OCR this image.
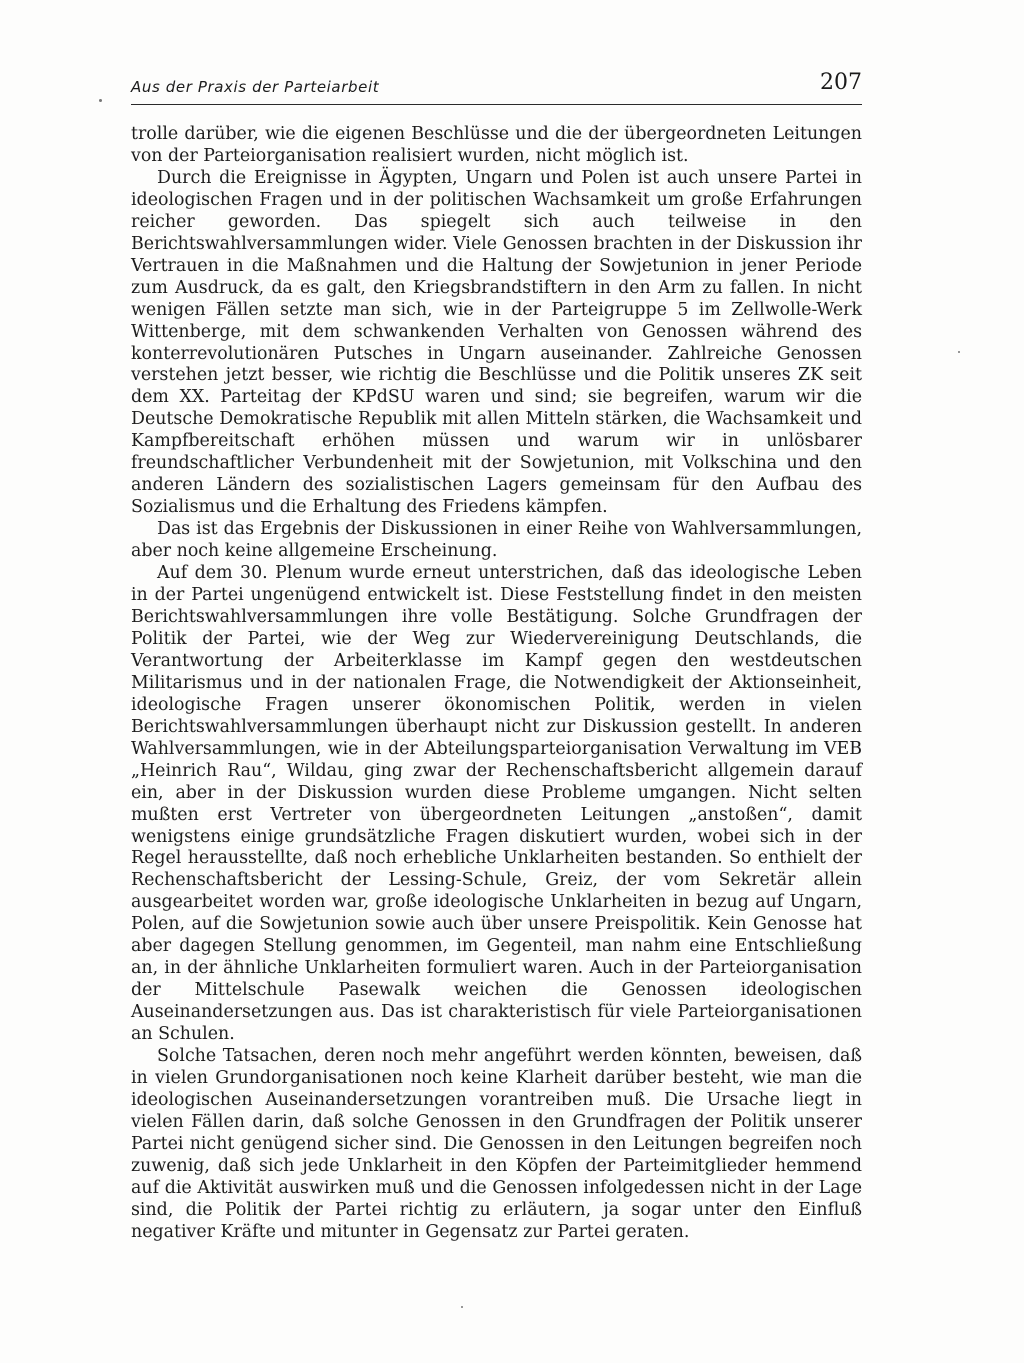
Aus der Praxis der Parteiarbeit	207

trolle darüber, wie die eigenen Beschlüsse und die der übergeordneten Leitungen von der Parteiorganisation realisiert wurden, nicht möglich ist.

Durch die Ereignisse in Ägypten, Ungarn und Polen ist auch unsere Partei in ideologischen Fragen und in der politischen Wachsamkeit um große Erfahrungen reicher geworden. Das spiegelt sich auch teilweise in den Berichtswahlversammlungen wider. Viele Genossen brachten in der Diskussion ihr Vertrauen in die Maßnahmen und die Haltung der Sowjetunion in jener Periode zum Ausdruck, da es galt, den Kriegsbrandstiftern in den Arm zu fallen. In nicht wenigen Fällen setzte man sich, wie in der Parteigruppe 5 im Zellwolle-Werk Wittenberge, mit dem schwankenden Verhalten von Genossen während des konterrevolutionären Putsches in Ungarn auseinander. Zahlreiche Genossen verstehen jetzt besser, wie richtig die Beschlüsse und die Politik unseres ZK seit dem XX. Parteitag der KPdSU waren und sind; sie begreifen, warum wir die Deutsche Demokratische Republik mit allen Mitteln stärken, die Wachsamkeit und Kampfbereitschaft erhöhen müssen und warum wir in unlösbarer freundschaftlicher Verbundenheit mit der Sowjetunion, mit Volkschina und den anderen Ländern des sozialistischen Lagers gemeinsam für den Aufbau des Sozialismus und die Erhaltung des Friedens kämpfen.

Das ist das Ergebnis der Diskussionen in einer Reihe von Wahlversammlungen, aber noch keine allgemeine Erscheinung.

Auf dem 30. Plenum wurde erneut unterstrichen, daß das ideologische Leben in der Partei ungenügend entwickelt ist. Diese Feststellung findet in den meisten Berichtswahlversammlungen ihre volle Bestätigung. Solche Grundfragen der Politik der Partei, wie der Weg zur Wiedervereinigung Deutschlands, die Verantwortung der Arbeiterklasse im Kampf gegen den westdeutschen Militarismus und in der nationalen Frage, die Notwendigkeit der Aktionseinheit, ideologische Fragen unserer ökonomischen Politik, werden in vielen Berichtswahlversammlungen überhaupt nicht zur Diskussion gestellt. In anderen Wahlversammlungen, wie in der Abteilungsparteiorganisation Verwaltung im VEB „Heinrich Rau“, Wildau, ging zwar der Rechenschaftsbericht allgemein darauf ein, aber in der Diskussion wurden diese Probleme umgangen. Nicht selten mußten erst Vertreter von übergeordneten Leitungen „anstoßen“, damit wenigstens einige grundsätzliche Fragen diskutiert wurden, wobei sich in der Regel herausstellte, daß noch erhebliche Unklarheiten bestanden. So enthielt der Rechenschaftsbericht der Lessing-Schule, Greiz, der vom Sekretär allein ausgearbeitet worden war, große ideologische Unklarheiten in bezug auf Ungarn, Polen, auf die Sowjetunion sowie auch über unsere Preispolitik. Kein Genosse hat aber dagegen Stellung genommen, im Gegenteil, man nahm eine Entschließung an, in der ähnliche Unklarheiten formuliert waren. Auch in der Parteiorganisation der Mittelschule Pasewalk weichen die Genossen ideologischen Auseinandersetzungen aus. Das ist charakteristisch für viele Parteiorganisationen an Schulen.

Solche Tatsachen, deren noch mehr angeführt werden könnten, beweisen, daß in vielen Grundorganisationen noch keine Klarheit darüber besteht, wie man die ideologischen Auseinandersetzungen vorantreiben muß. Die Ursache liegt in vielen Fällen darin, daß solche Genossen in den Grundfragen der Politik unserer Partei nicht genügend sicher sind. Die Genossen in den Leitungen begreifen noch zuwenig, daß sich jede Unklarheit in den Köpfen der Parteimitglieder hemmend auf die Aktivität auswirken muß und die Genossen infolgedessen nicht in der Lage sind, die Politik der Partei richtig zu erläutern, ja sogar unter den Einfluß negativer Kräfte und mitunter in Gegensatz zur Partei geraten.
